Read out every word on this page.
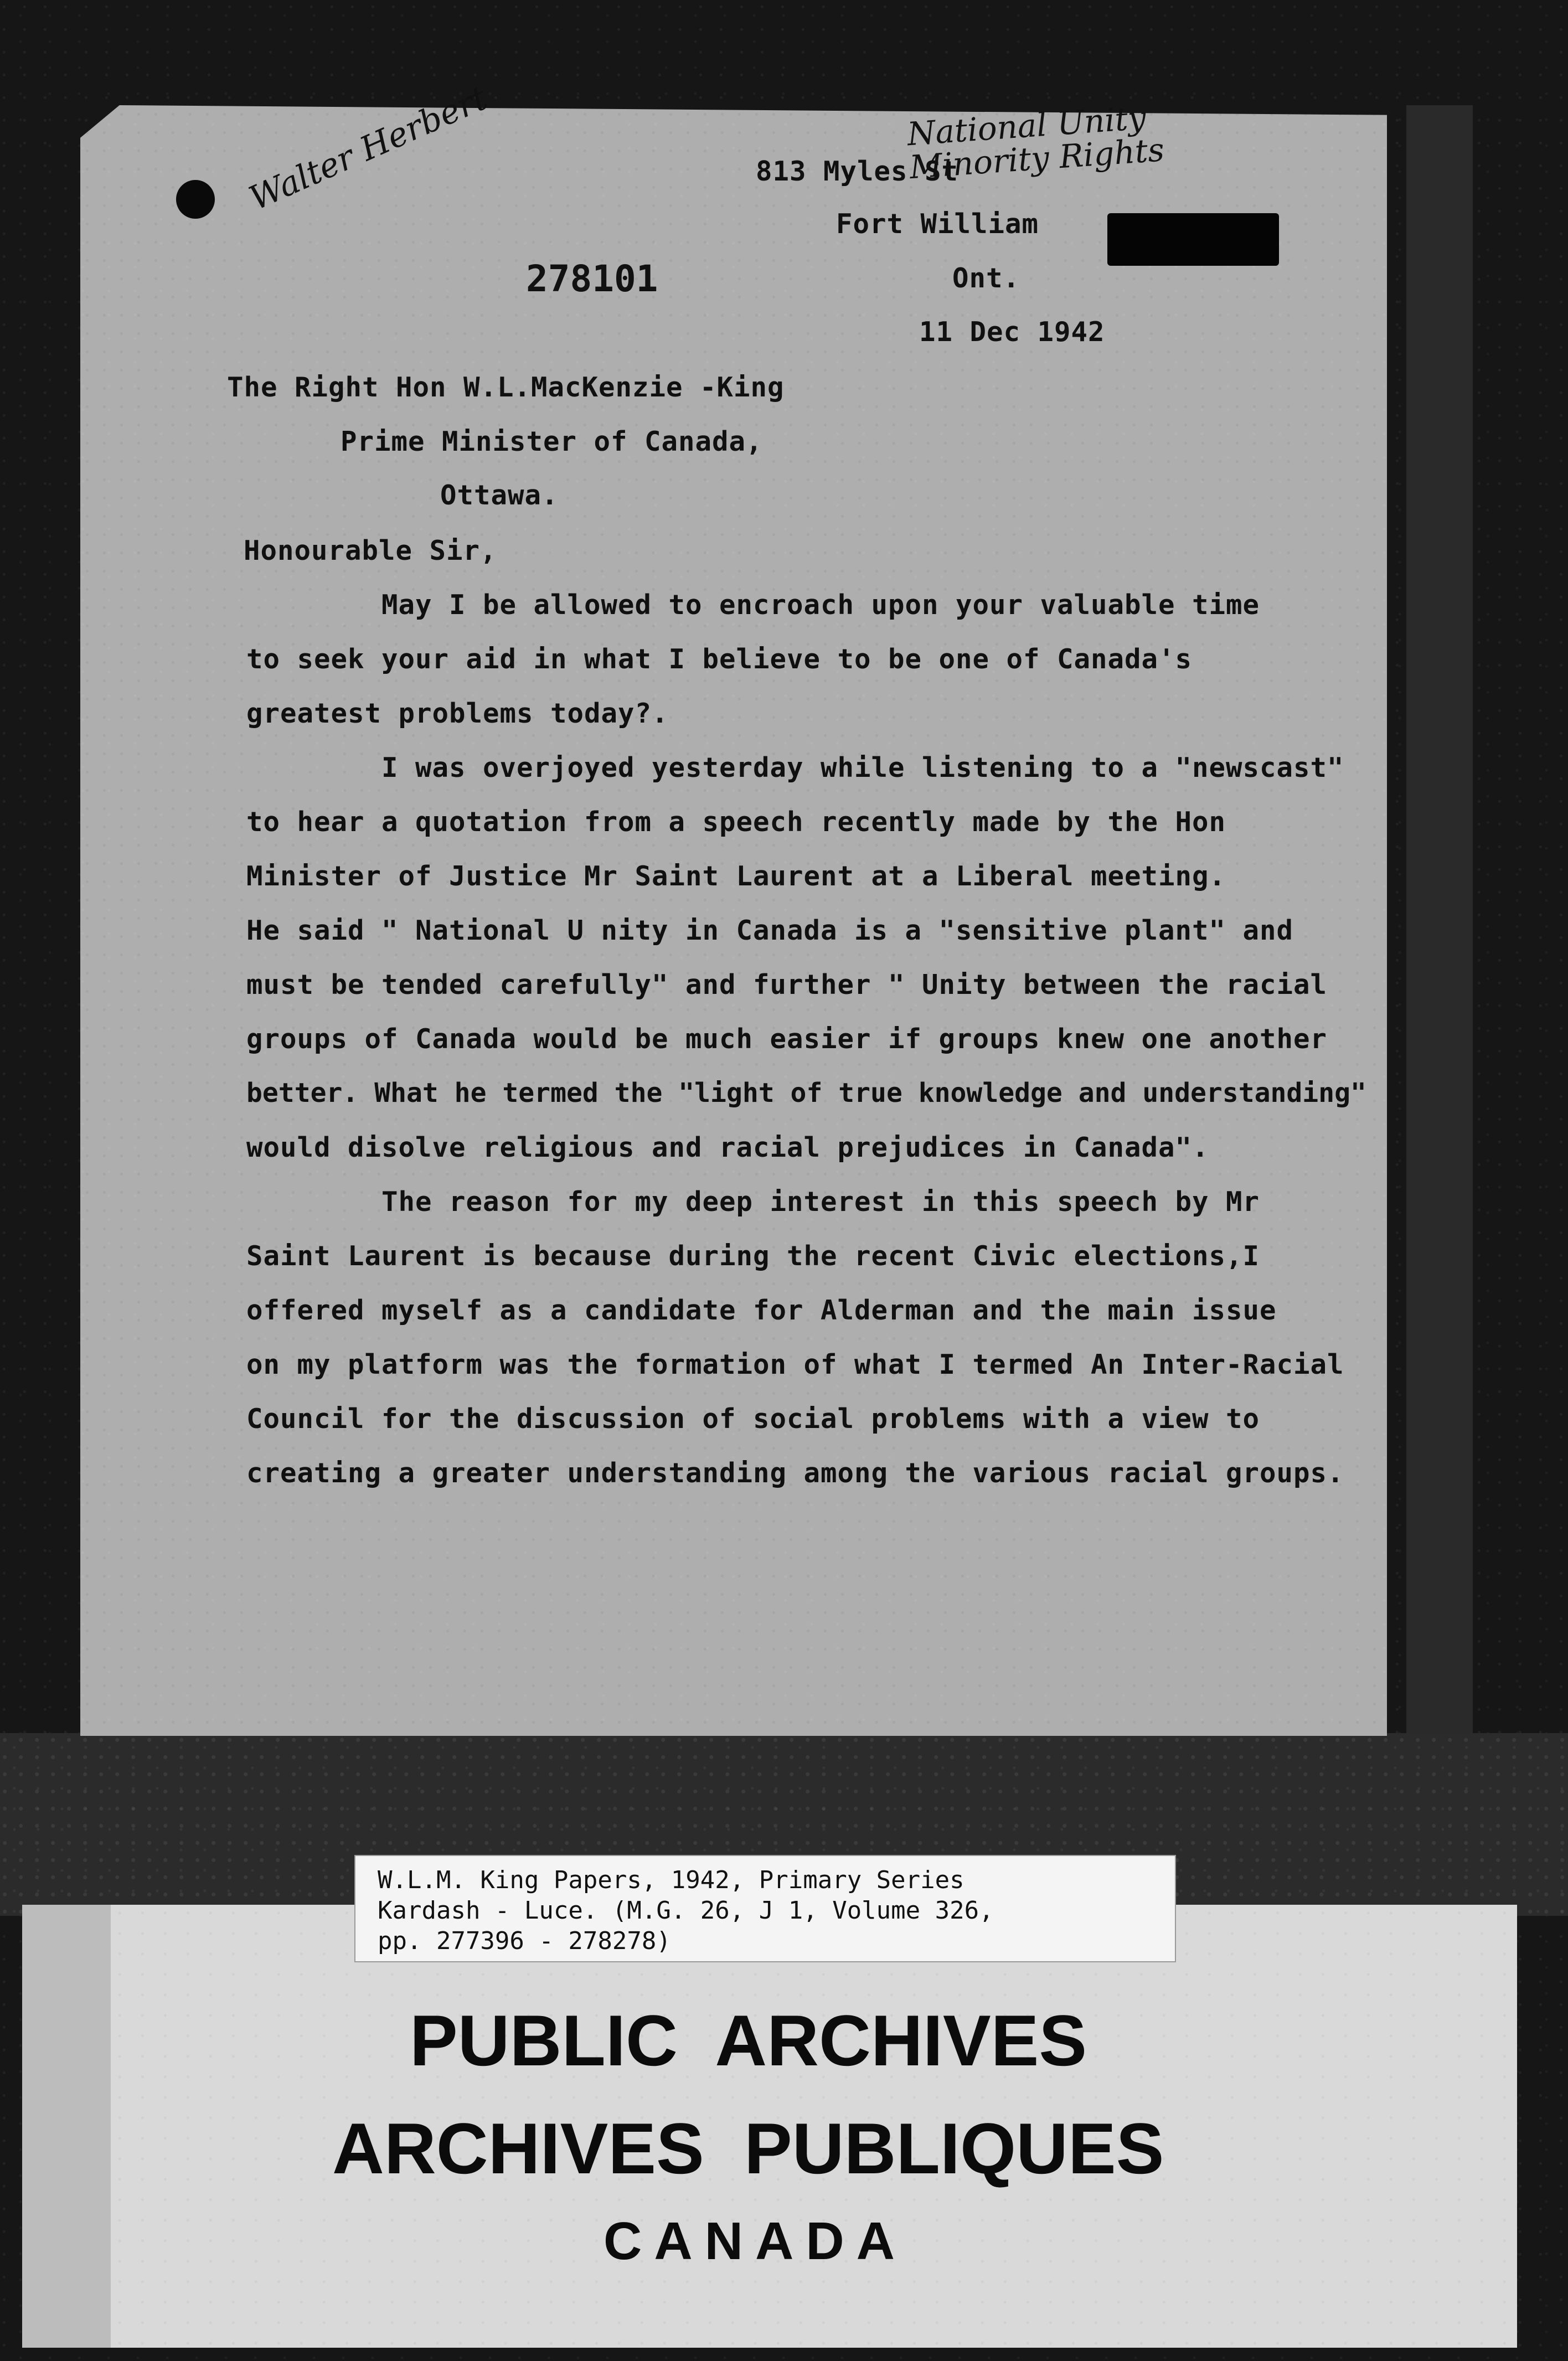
Walter Herbert	National Unity Minority Rights

278101

813 Myles St

Fort William

Ont.

11 Dec 1942

The Right Hon W.L.MacKenzie -King

Prime Minister of Canada,

Ottawa.

Honourable Sir,

May I be allowed to encroach upon your valuable time

to seek your aid in what I believe to be one of Canada's

greatest problems today?.

I was overjoyed yesterday while listening to a "newscast"

to hear a quotation from a speech recently made by the Hon

Minister of Justice Mr Saint Laurent at a Liberal meeting.

He said " National U nity in Canada is a "sensitive plant" and

must be tended carefully" and further " Unity between the racial

groups of Canada would be much easier if groups knew one another

better. What he termed the "light of true knowledge and understanding"

would disolve religious and racial prejudices in Canada".

The reason for my deep interest in this speech by Mr

Saint Laurent is because during the recent Civic elections,I

offered myself as a candidate for Alderman and the main issue

on my platform was the formation of what I termed An Inter-Racial

Council for the discussion of social problems with a view to

creating a greater understanding among the various racial groups.

W.L.M. King Papers, 1942, Primary Series

Kardash - Luce. (M.G. 26, J 1, Volume 326,

pp. 277396 - 278278)

PUBLIC  ARCHIVES

ARCHIVES  PUBLIQUES

CANADA
